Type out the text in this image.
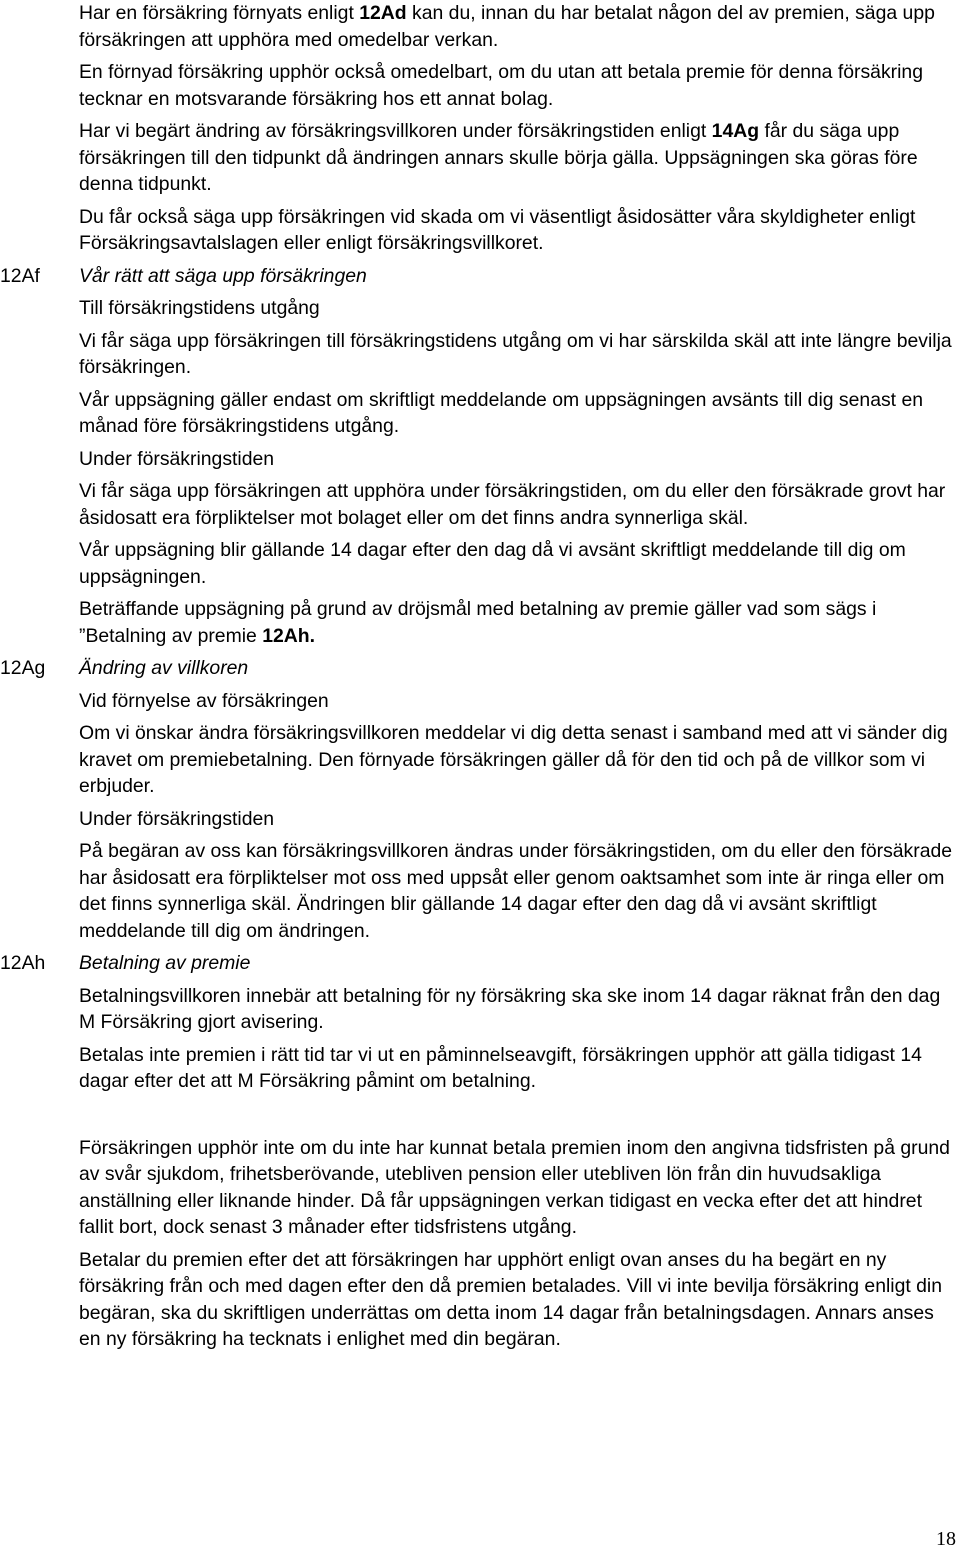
Har en försäkring förnyats enligt 12Ad kan du, innan du har betalat någon del av premien, säga upp försäkringen att upphöra med omedelbar verkan.

En förnyad försäkring upphör också omedelbart, om du utan att betala premie för denna försäkring tecknar en motsvarande försäkring hos ett annat bolag.

Har vi begärt ändring av försäkringsvillkoren under försäkringstiden enligt 14Ag får du säga upp försäkringen till den tidpunkt då ändringen annars skulle börja gälla. Uppsägningen ska göras före denna tidpunkt.

Du får också säga upp försäkringen vid skada om vi väsentligt åsidosätter våra skyldigheter enligt Försäkringsavtalslagen eller enligt försäkringsvillkoret.

12Af	Vår rätt att säga upp försäkringen

Till försäkringstidens utgång

Vi får säga upp försäkringen till försäkringstidens utgång om vi har särskilda skäl att inte längre bevilja försäkringen.

Vår uppsägning gäller endast om skriftligt meddelande om uppsägningen avsänts till dig senast en månad före försäkringstidens utgång.

Under försäkringstiden

Vi får säga upp försäkringen att upphöra under försäkringstiden, om du eller den försäkrade grovt har åsidosatt era förpliktelser mot bolaget eller om det finns andra synnerliga skäl.

Vår uppsägning blir gällande 14 dagar efter den dag då vi avsänt skriftligt meddelande till dig om uppsägningen.

Beträffande uppsägning på grund av dröjsmål med betalning av premie gäller vad som sägs i ”Betalning av premie 12Ah.

12Ag	Ändring av villkoren

Vid förnyelse av försäkringen

Om vi önskar ändra försäkringsvillkoren meddelar vi dig detta senast i samband med att vi sänder dig kravet om premiebetalning. Den förnyade försäkringen gäller då för den tid och på de villkor som vi erbjuder.

Under försäkringstiden

På begäran av oss kan försäkringsvillkoren ändras under försäkringstiden, om du eller den försäkrade har åsidosatt era förpliktelser mot oss med uppsåt eller genom oaktsamhet som inte är ringa eller om det finns synnerliga skäl. Ändringen blir gällande 14 dagar efter den dag då vi avsänt skriftligt meddelande till dig om ändringen.

12Ah	Betalning av premie

Betalningsvillkoren innebär att betalning för ny försäkring ska ske inom 14 dagar räknat från den dag M Försäkring gjort avisering.

Betalas inte premien i rätt tid tar vi ut en påminnelseavgift, försäkringen upphör att gälla tidigast 14 dagar efter det att M Försäkring påmint om betalning.

Försäkringen upphör inte om du inte har kunnat betala premien inom den angivna tidsfristen på grund av svår sjukdom, frihetsberövande, utebliven pension eller utebliven lön från din huvudsakliga anställning eller liknande hinder. Då får uppsägningen verkan tidigast en vecka efter det att hindret fallit bort, dock senast 3 månader efter tidsfristens utgång.

Betalar du premien efter det att försäkringen har upphört enligt ovan anses du ha begärt en ny försäkring från och med dagen efter den då premien betalades. Vill vi inte bevilja försäkring enligt din begäran, ska du skriftligen underrättas om detta inom 14 dagar från betalningsdagen. Annars anses en ny försäkring ha tecknats i enlighet med din begäran.

18
